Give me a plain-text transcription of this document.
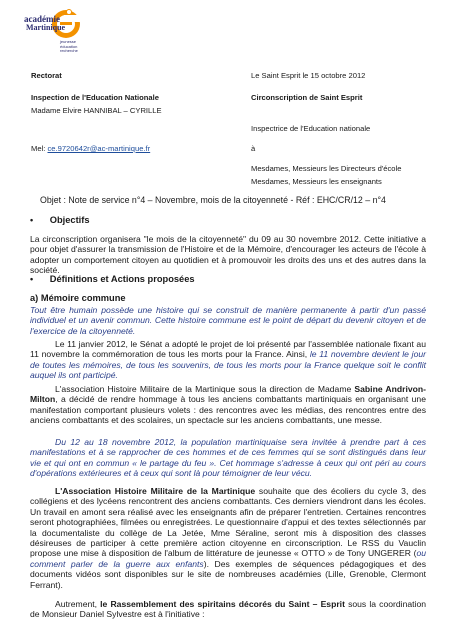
académie
Martinique
jeunesse
éducation
recherche
Rectorat	Le Saint Esprit le 15 octobre 2012
Inspection de l'Education Nationale	Circonscription de Saint Esprit
Madame Elvire HANNIBAL – CYRILLE
Inspectrice de l'Education nationale
Mel: ce.9720642r@ac-martinique.fr	à
Mesdames, Messieurs les Directeurs d'école
Mesdames, Messieurs les enseignants
Objet : Note de service n°4 – Novembre, mois de la citoyenneté - Réf : EHC/CR/12 – n°4
• Objectifs
La circonscription organisera "le mois de la citoyenneté" du 09 au 30 novembre 2012. Cette initiative a pour objet d'assurer la transmission de l'Histoire et de la Mémoire, d'encourager les acteurs de l'école à adopter un comportement citoyen au quotidien et à promouvoir les droits des uns et des autres dans la société.
• Définitions et Actions proposées
a) Mémoire commune
Tout être humain possède une histoire qui se construit de manière permanente à partir d'un passé individuel et un avenir commun. Cette histoire commune est le point de départ du devenir citoyen et de l'exercice de la citoyenneté.
Le 11 janvier 2012, le Sénat a adopté le projet de loi présenté par l'assemblée nationale fixant au 11 novembre la commémoration de tous les morts pour la France. Ainsi, le 11 novembre devient le jour de toutes les mémoires, de tous les souvenirs, de tous les morts pour la France quelque soit le conflit auquel ils ont participé.
L'association Histoire Militaire de la Martinique sous la direction de Madame Sabine Andrivon-Milton, a décidé de rendre hommage à tous les anciens combattants martiniquais en organisant une manifestation comportant plusieurs volets : des rencontres avec les médias, des rencontres entre des anciens combattants et des scolaires, un spectacle sur les anciens combattants, une messe.
Du 12 au 18 novembre 2012, la population martiniquaise sera invitée à prendre part à ces manifestations et à se rapprocher de ces hommes et de ces femmes qui se sont distingués dans leur vie et qui ont en commun « le partage du feu ». Cet hommage s'adresse à ceux qui ont péri au cours d'opérations extérieures et à ceux qui sont là pour témoigner de leur vécu.
L'Association Histoire Militaire de la Martinique souhaite que des écoliers du cycle 3, des collégiens et des lycéens rencontrent des anciens combattants. Ces derniers viendront dans les écoles. Un travail en amont sera réalisé avec les enseignants afin de préparer l'entretien. Certaines rencontres seront photographiées, filmées ou enregistrées. Le questionnaire d'appui et des textes sélectionnés par la documentaliste du collège de La Jetée, Mme Séraline, seront mis à disposition des classes désireuses de participer à cette première action citoyenne en circonscription. Le RSS du Vauclin propose une mise à disposition de l'album de littérature de jeunesse « OTTO » de Tony UNGERER (ou comment parler de la guerre aux enfants). Des exemples de séquences pédagogiques et des documents vidéos sont disponibles sur le site de nombreuses académies (Lille, Grenoble, Clermont Ferrant).
Autrement, le Rassemblement des spiritains décorés du Saint – Esprit sous la coordination de Monsieur Daniel Sylvestre est à l'initiative :
